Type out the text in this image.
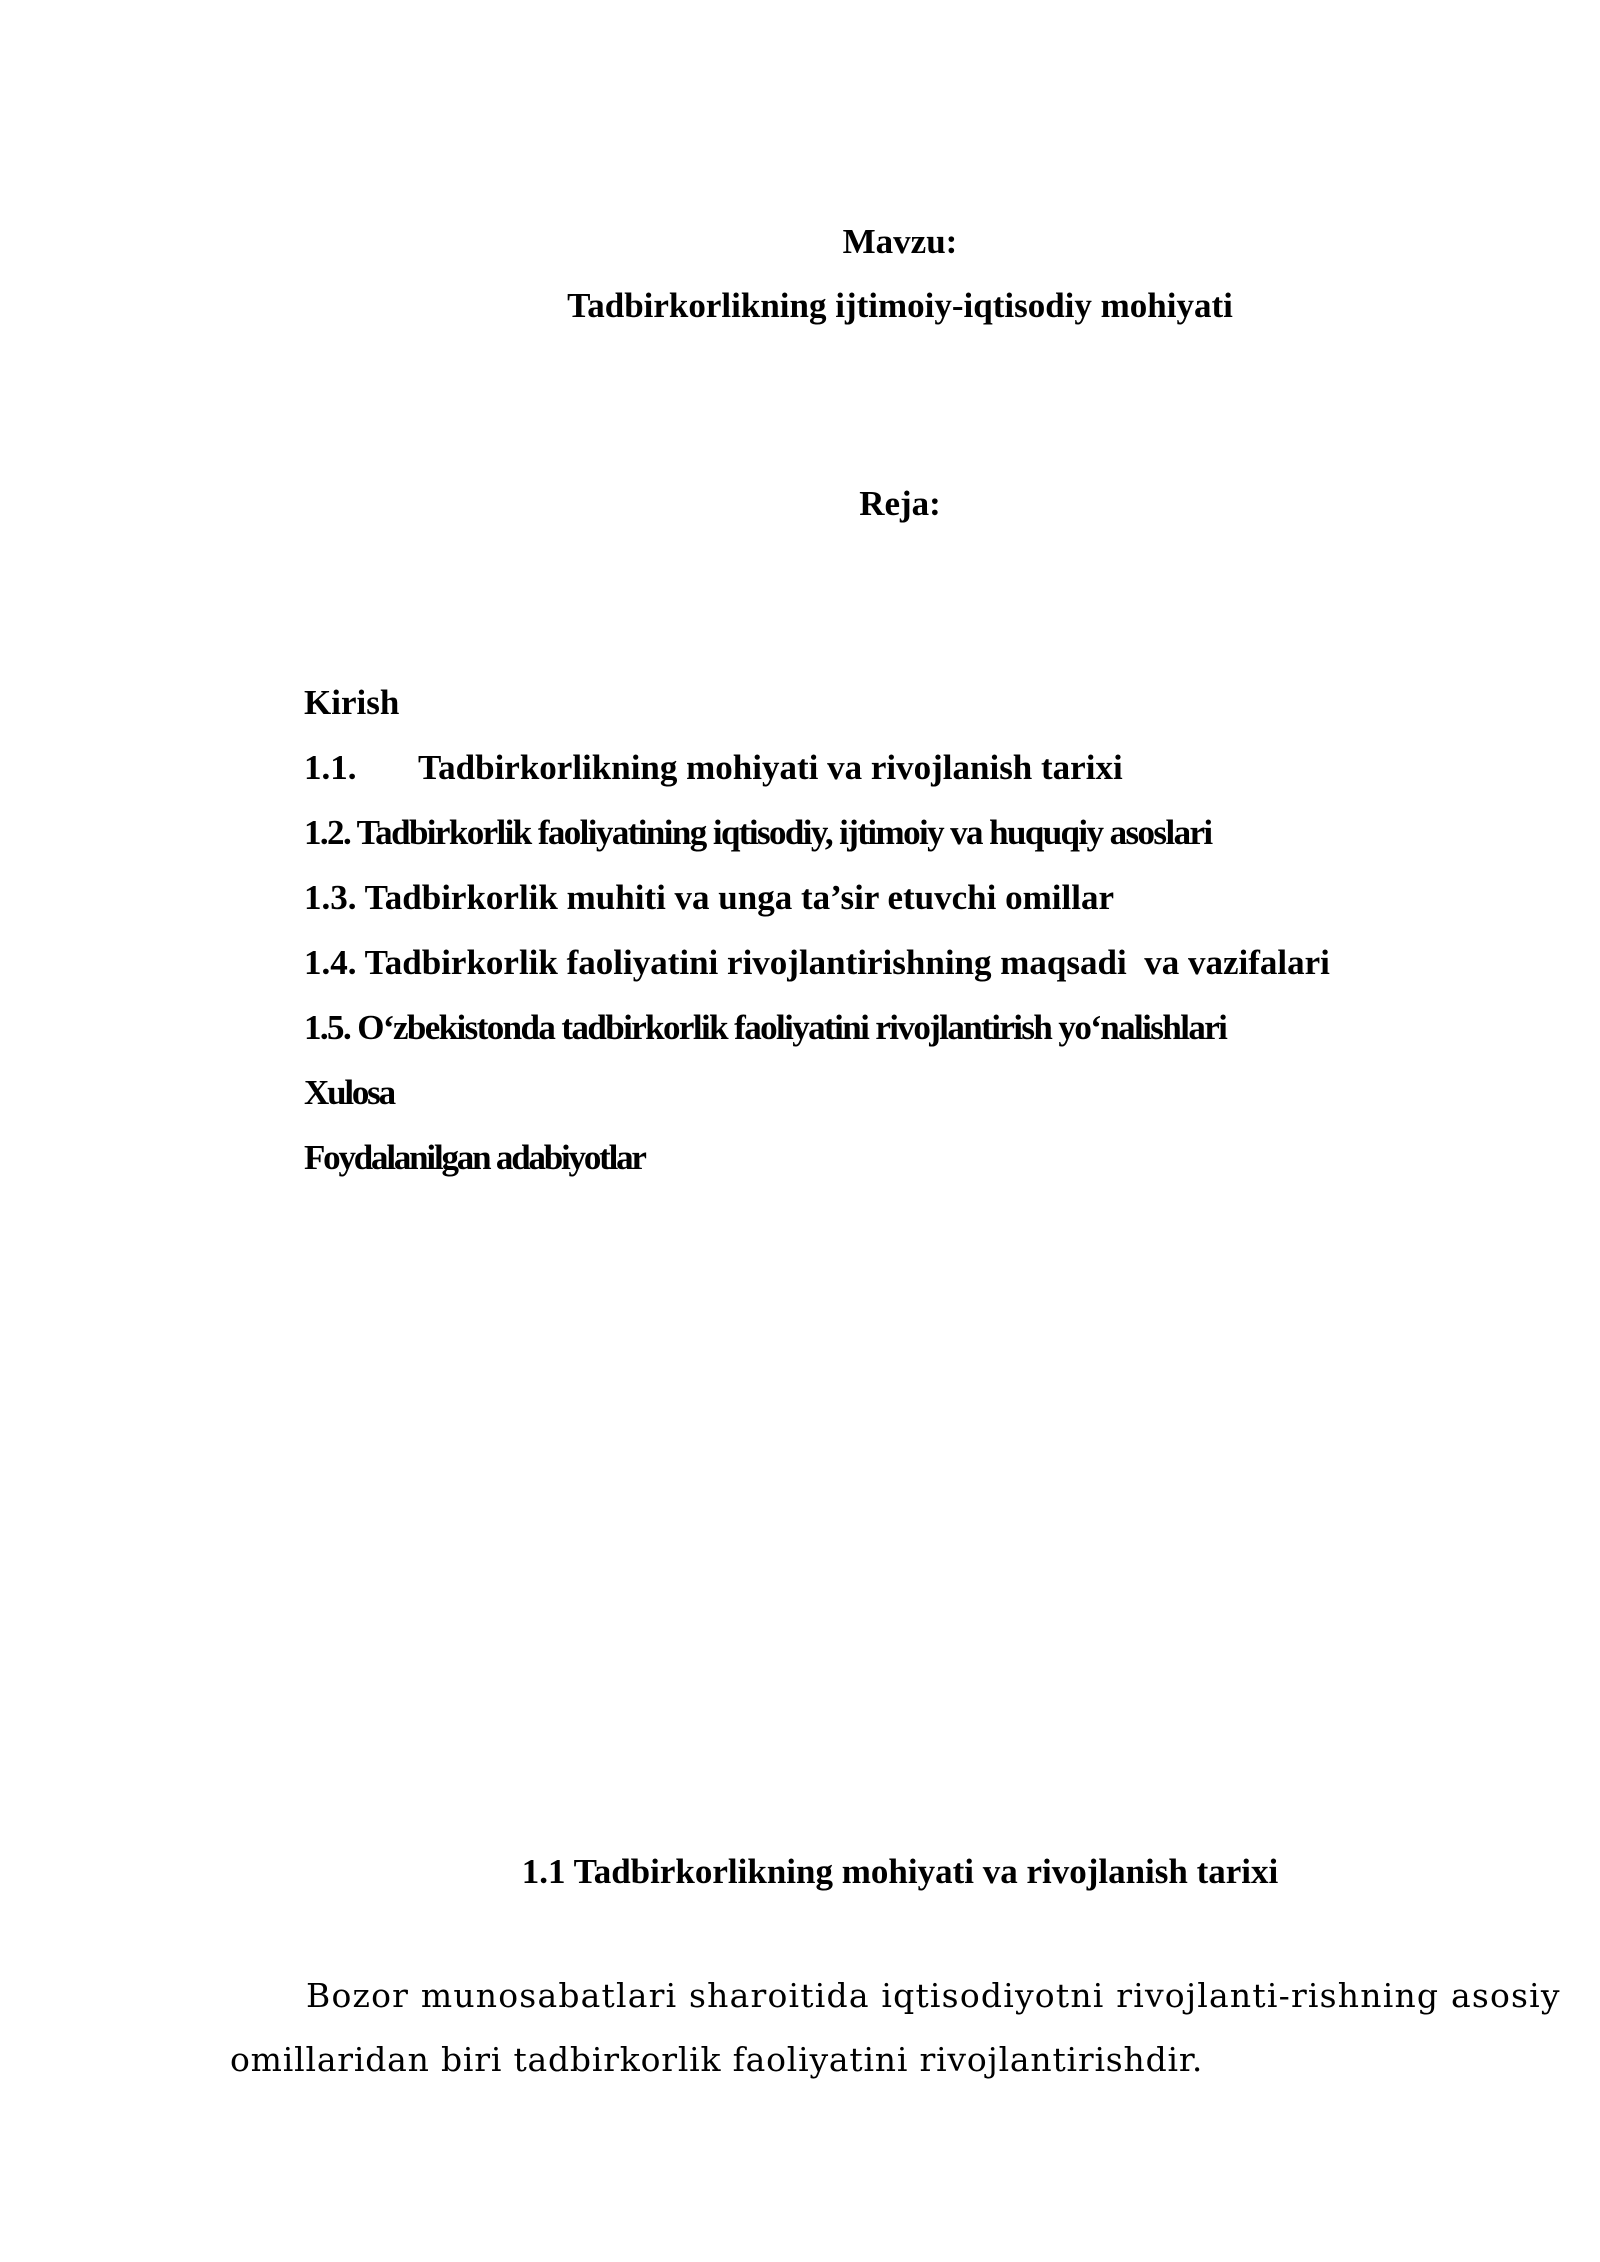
Mavzu:
Tadbirkorlikning ijtimoiy-iqtisodiy mohiyati
Reja:
Kirish
1.1. Tadbirkorlikning mohiyati va rivojlanish tarixi
1.2. Tadbirkorlik faoliyatining iqtisodiy, ijtimoiy va huquqiy asoslari
1.3. Tadbirkorlik muhiti va unga ta’sir etuvchi omillar
1.4. Tadbirkorlik faoliyatini rivojlantirishning maqsadi  va vazifalari
1.5. O‘zbekistonda tadbirkorlik faoliyatini rivojlantirish yo‘nalishlari
Xulosa
Foydalanilgan adabiyotlar
1.1 Tadbirkorlikning mohiyati va rivojlanish tarixi
Bozor munosabatlari sharoitida iqtisodiyotni rivojlanti-rishning asosiy
omillaridan biri tadbirkorlik faoliyatini rivojlantirishdir.
